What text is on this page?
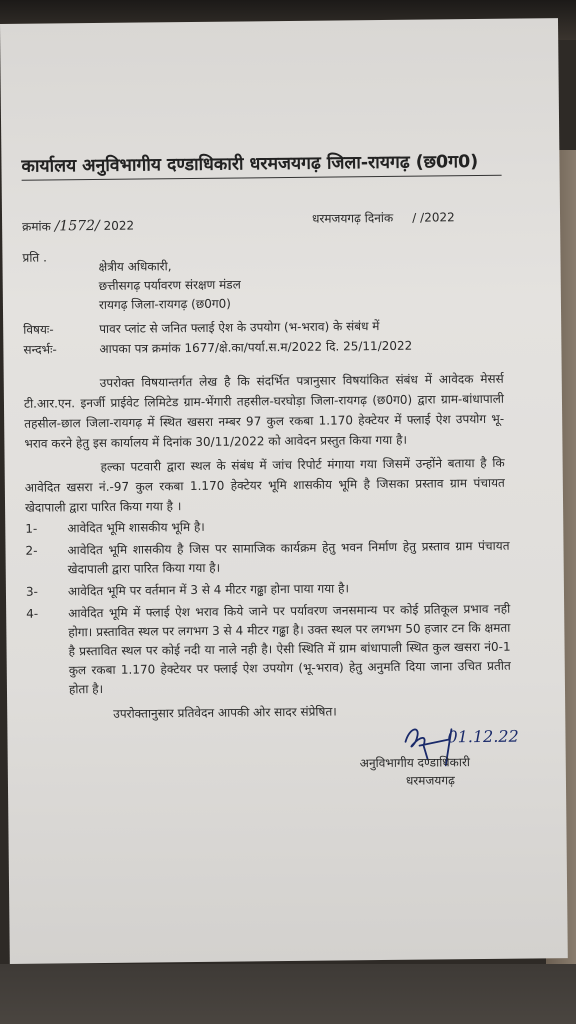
कार्यालय अनुविभागीय दण्डाधिकारी धरमजयगढ़ जिला-रायगढ़ (छ0ग0)
क्रमांक /1572/ 2022
धरमजयगढ़ दिनांक / /2022
प्रति .
क्षेत्रीय अधिकारी,
छत्तीसगढ़ पर्यावरण संरक्षण मंडल
रायगढ़ जिला-रायगढ़ (छ0ग0)
विषयः-	पावर प्लांट से जनित फ्लाई ऐश के उपयोग (भ-भराव) के संबंध में
सन्दर्भः-	आपका पत्र क्रमांक 1677/क्षे.का/पर्या.स.म/2022 दि. 25/11/2022
उपरोक्त विषयान्तर्गत लेख है कि संदर्भित पत्रानुसार विषयांकित संबंध में आवेदक मेसर्स टी.आर.एन. इनर्जी प्राईवेट लिमिटेड ग्राम-भेंगारी तहसील-घरघोड़ा जिला-रायगढ़ (छ0ग0) द्वारा ग्राम-बांधापाली तहसील-छाल जिला-रायगढ़ में स्थित खसरा नम्बर 97 कुल रकबा 1.170 हेक्टेयर में फ्लाई ऐश उपयोग भू-भराव करने हेतु इस कार्यालय में दिनांक 30/11/2022 को आवेदन प्रस्तुत किया गया है।
हल्का पटवारी द्वारा स्थल के संबंध में जांच रिपोर्ट मंगाया गया जिसमें उन्होंने बताया है कि आवेदित खसरा नं.-97 कुल रकबा 1.170 हेक्टेयर भूमि शासकीय भूमि है जिसका प्रस्ताव ग्राम पंचायत खेदापाली द्वारा पारित किया गया है ।
1- आवेदित भूमि शासकीय भूमि है।
2- आवेदित भूमि शासकीय है जिस पर सामाजिक कार्यक्रम हेतु भवन निर्माण हेतु प्रस्ताव ग्राम पंचायत खेदापाली द्वारा पारित किया गया है।
3- आवेदित भूमि पर वर्तमान में 3 से 4 मीटर गढ्ढा होना पाया गया है।
4- आवेदित भूमि में फ्लाई ऐश भराव किये जाने पर पर्यावरण जनसमान्य पर कोई प्रतिकूल प्रभाव नही होगा। प्रस्तावित स्थल पर लगभग 3 से 4 मीटर गढ्ढा है। उक्त स्थल पर लगभग 50 हजार टन कि क्षमता है प्रस्तावित स्थल पर कोई नदी या नाले नही है। ऐसी स्थिति में ग्राम बांधापाली स्थित कुल खसरा नं0-1 कुल रकबा 1.170 हेक्टेयर पर फ्लाई ऐश उपयोग (भू-भराव) हेतु अनुमति दिया जाना उचित प्रतीत होता है।
उपरोक्तानुसार प्रतिवेदन आपकी ओर सादर संप्रेषित।
01.12.22
अनुविभागीय दण्डाधिकारी
धरमजयगढ़
